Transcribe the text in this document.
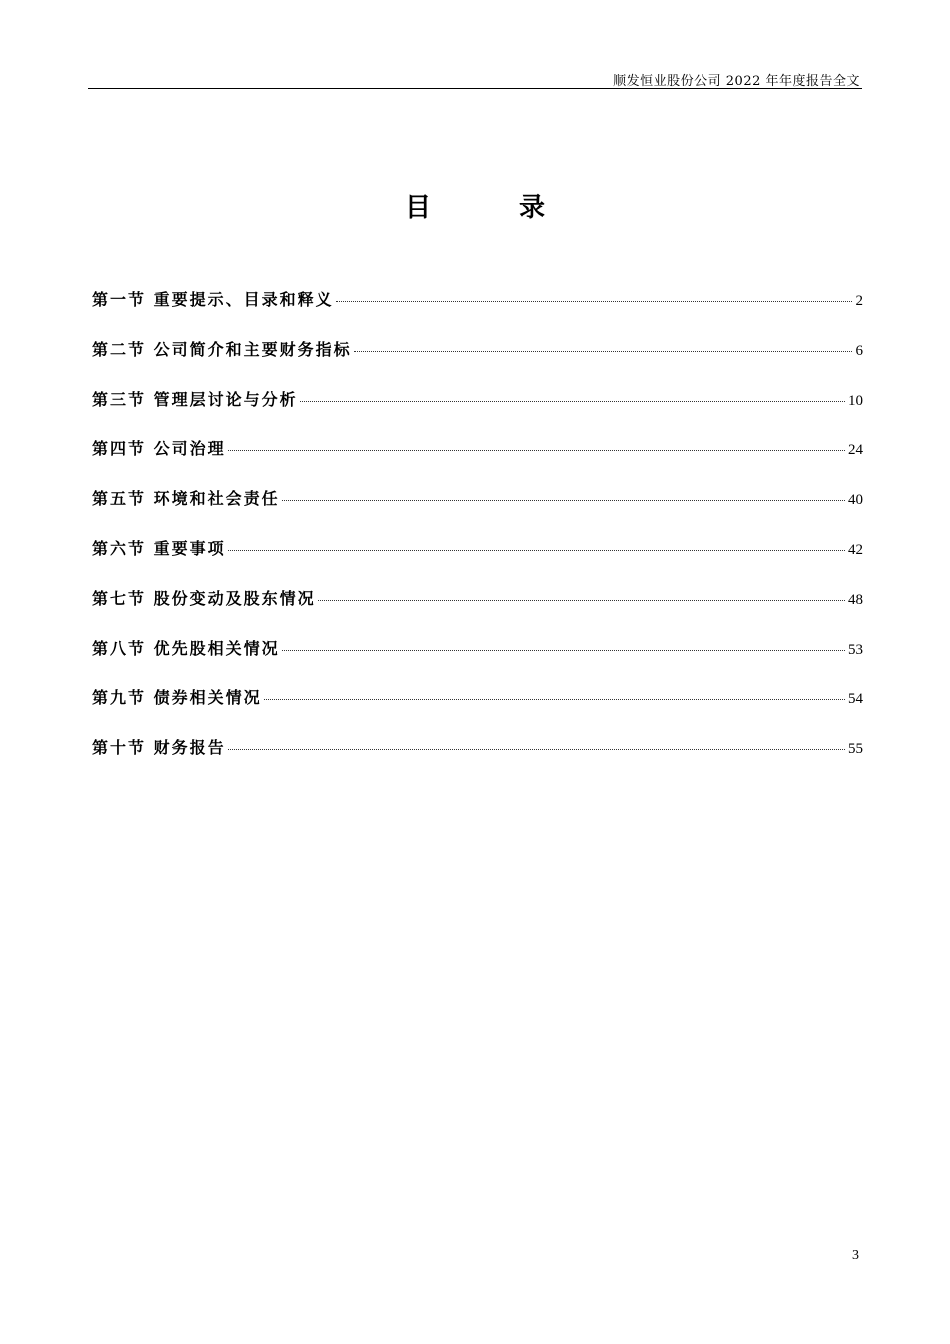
顺发恒业股份公司 2022 年年度报告全文
目	录
第一节 重要提示、目录和释义	2
第二节 公司简介和主要财务指标	6
第三节 管理层讨论与分析	10
第四节 公司治理	24
第五节 环境和社会责任	40
第六节 重要事项	42
第七节 股份变动及股东情况	48
第八节 优先股相关情况	53
第九节 债券相关情况	54
第十节 财务报告	55
3
